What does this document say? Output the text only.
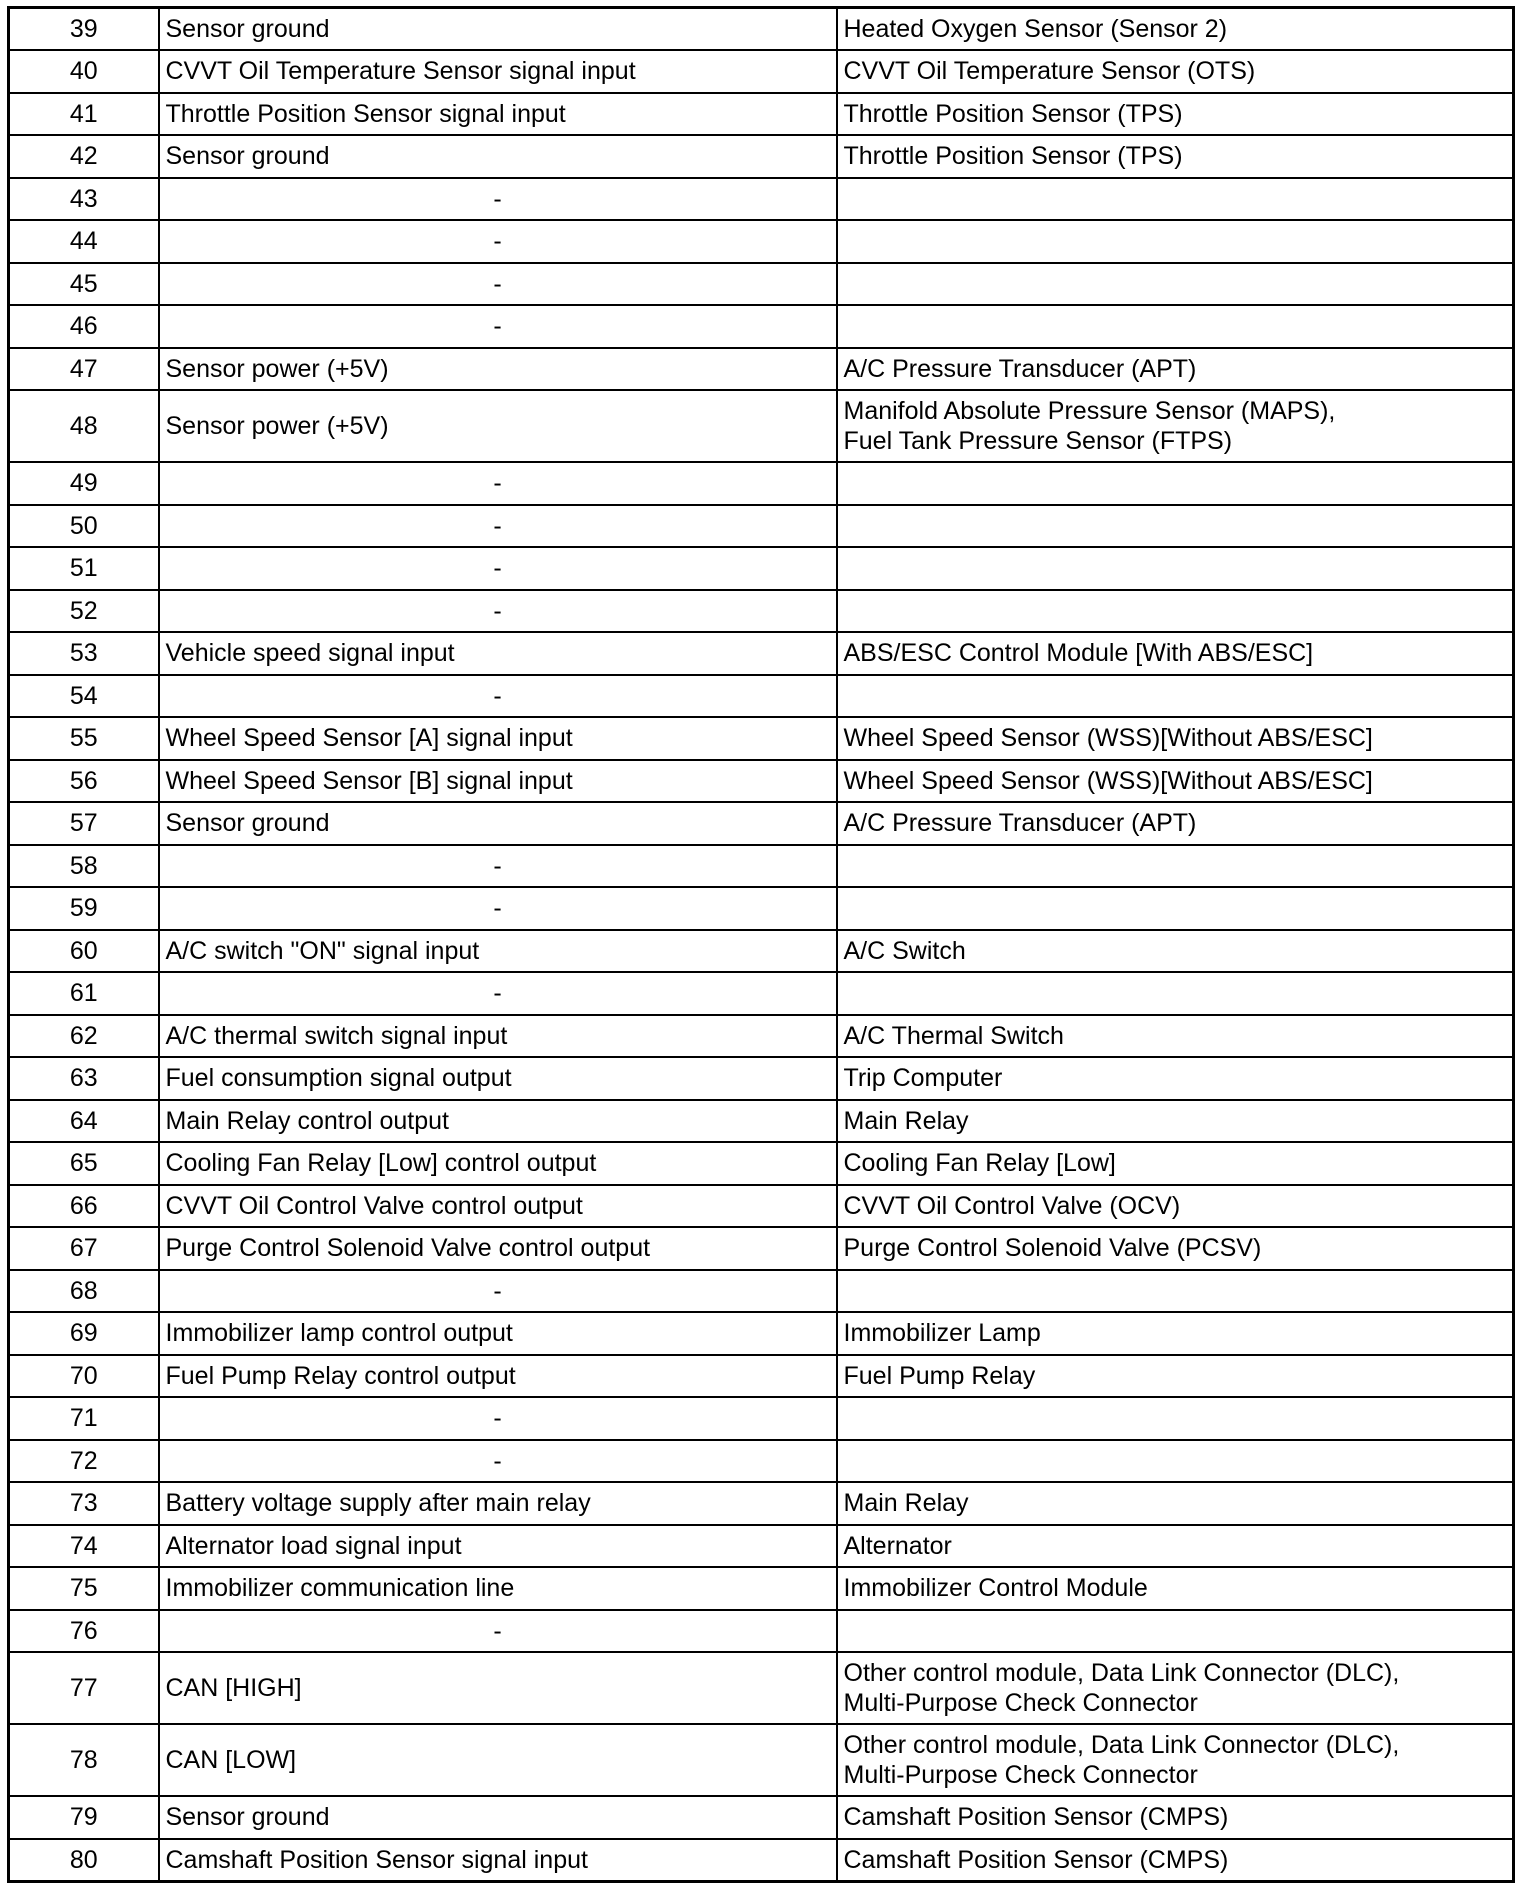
39	Sensor ground	Heated Oxygen Sensor (Sensor 2)
40	CVVT Oil Temperature Sensor signal input	CVVT Oil Temperature Sensor (OTS)
41	Throttle Position Sensor signal input	Throttle Position Sensor (TPS)
42	Sensor ground	Throttle Position Sensor (TPS)
43	-	
44	-	
45	-	
46	-	
47	Sensor power (+5V)	A/C Pressure Transducer (APT)
48	Sensor power (+5V)	Manifold Absolute Pressure Sensor (MAPS),
Fuel Tank Pressure Sensor (FTPS)
49	-	
50	-	
51	-	
52	-	
53	Vehicle speed signal input	ABS/ESC Control Module [With ABS/ESC]
54	-	
55	Wheel Speed Sensor [A] signal input	Wheel Speed Sensor (WSS)[Without ABS/ESC]
56	Wheel Speed Sensor [B] signal input	Wheel Speed Sensor (WSS)[Without ABS/ESC]
57	Sensor ground	A/C Pressure Transducer (APT)
58	-	
59	-	
60	A/C switch "ON" signal input	A/C Switch
61	-	
62	A/C thermal switch signal input	A/C Thermal Switch
63	Fuel consumption signal output	Trip Computer
64	Main Relay control output	Main Relay
65	Cooling Fan Relay [Low] control output	Cooling Fan Relay [Low]
66	CVVT Oil Control Valve control output	CVVT Oil Control Valve (OCV)
67	Purge Control Solenoid Valve control output	Purge Control Solenoid Valve (PCSV)
68	-	
69	Immobilizer lamp control output	Immobilizer Lamp
70	Fuel Pump Relay control output	Fuel Pump Relay
71	-	
72	-	
73	Battery voltage supply after main relay	Main Relay
74	Alternator load signal input	Alternator
75	Immobilizer communication line	Immobilizer Control Module
76	-	
77	CAN [HIGH]	Other control module, Data Link Connector (DLC),
Multi-Purpose Check Connector
78	CAN [LOW]	Other control module, Data Link Connector (DLC),
Multi-Purpose Check Connector
79	Sensor ground	Camshaft Position Sensor (CMPS)
80	Camshaft Position Sensor signal input	Camshaft Position Sensor (CMPS)
